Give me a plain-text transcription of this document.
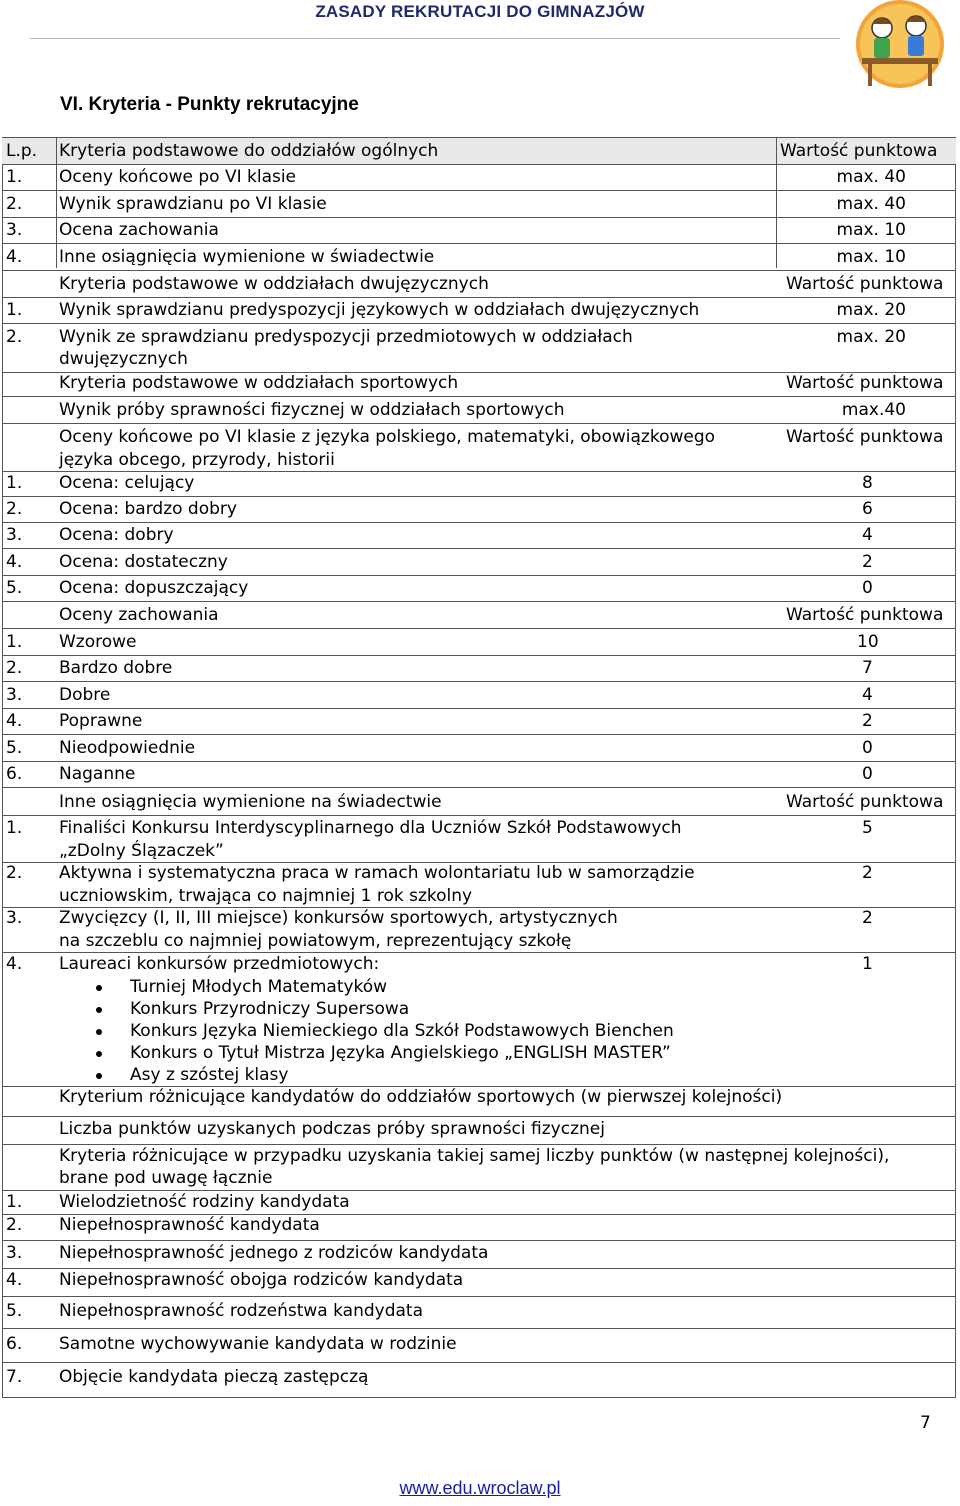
ZASADY REKRUTACJI DO GIMNAZJÓW
VI. Kryteria - Punkty rekrutacyjne
L.p. Kryteria podstawowe do oddziałów ogólnych	Wartość punktowa
1. Oceny końcowe po VI klasie	max. 40
2. Wynik sprawdzianu po VI klasie	max. 40
3. Ocena zachowania	max. 10
4. Inne osiągnięcia wymienione w świadectwie	max. 10
Kryteria podstawowe w oddziałach dwujęzycznych	Wartość punktowa
1. Wynik sprawdzianu predyspozycji językowych w oddziałach dwujęzycznych	max. 20
2. Wynik ze sprawdzianu predyspozycji przedmiotowych w oddziałach	max. 20
dwujęzycznych
Kryteria podstawowe w oddziałach sportowych	Wartość punktowa
Wynik próby sprawności fizycznej w oddziałach sportowych	max.40
Oceny końcowe po VI klasie z języka polskiego, matematyki, obowiązkowego	Wartość punktowa
języka obcego, przyrody, historii
1. Ocena: celujący	8
2. Ocena: bardzo dobry	6
3. Ocena: dobry	4
4. Ocena: dostateczny	2
5. Ocena: dopuszczający	0
Oceny zachowania	Wartość punktowa
1. Wzorowe	10
2. Bardzo dobre	7
3. Dobre	4
4. Poprawne	2
5. Nieodpowiednie	0
6. Naganne	0
Inne osiągnięcia wymienione na świadectwie	Wartość punktowa
1. Finaliści Konkursu Interdyscyplinarnego dla Uczniów Szkół Podstawowych	5
„zDolny Ślązaczek”
2. Aktywna i systematyczna praca w ramach wolontariatu lub w samorządzie	2
uczniowskim, trwająca co najmniej 1 rok szkolny
3. Zwycięzcy (I, II, III miejsce) konkursów sportowych, artystycznych	2
na szczeblu co najmniej powiatowym, reprezentujący szkołę
4. Laureaci konkursów przedmiotowych:	1
Turniej Młodych Matematyków
Konkurs Przyrodniczy Supersowa
Konkurs Języka Niemieckiego dla Szkół Podstawowych Bienchen
Konkurs o Tytuł Mistrza Języka Angielskiego „ENGLISH MASTER”
Asy z szóstej klasy
Kryterium różnicujące kandydatów do oddziałów sportowych (w pierwszej kolejności)
Liczba punktów uzyskanych podczas próby sprawności fizycznej
Kryteria różnicujące w przypadku uzyskania takiej samej liczby punktów (w następnej kolejności),
brane pod uwagę łącznie
1. Wielodzietność rodziny kandydata
2. Niepełnosprawność kandydata
3. Niepełnosprawność jednego z rodziców kandydata
4. Niepełnosprawność obojga rodziców kandydata
5. Niepełnosprawność rodzeństwa kandydata
6. Samotne wychowywanie kandydata w rodzinie
7. Objęcie kandydata pieczą zastępczą
7
www.edu.wroclaw.pl
